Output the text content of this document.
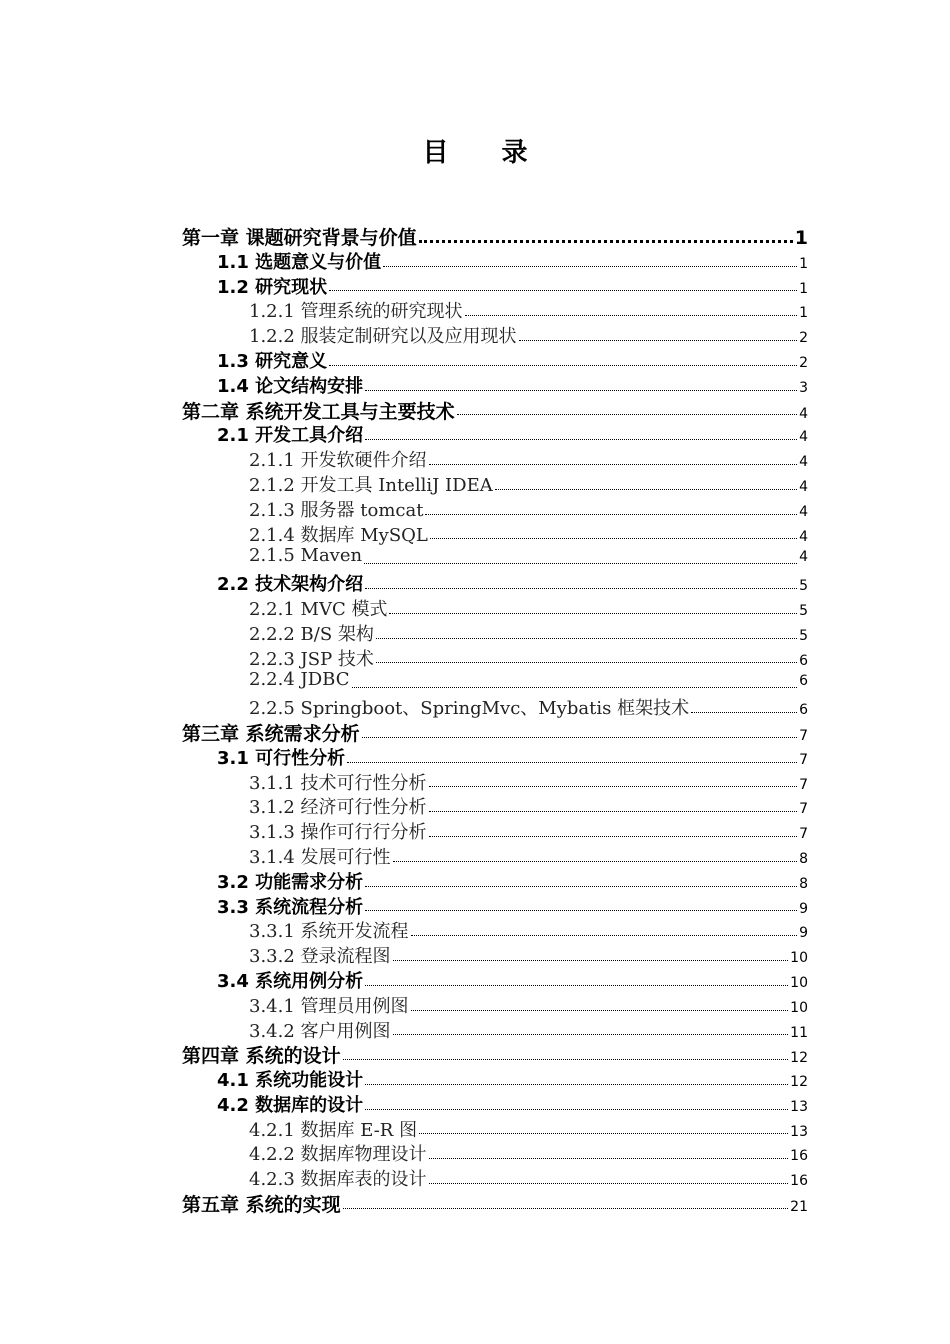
目 录
第一章 课题研究背景与价值	1
1.1 选题意义与价值	1
1.2 研究现状	1
1.2.1 管理系统的研究现状	1
1.2.2 服装定制研究以及应用现状	2
1.3 研究意义	2
1.4 论文结构安排	3
第二章 系统开发工具与主要技术	4
2.1 开发工具介绍	4
2.1.1 开发软硬件介绍	4
2.1.2 开发工具 IntelliJ IDEA	4
2.1.3 服务器 tomcat	4
2.1.4 数据库 MySQL	4
2.1.5 Maven	4
2.2 技术架构介绍	5
2.2.1 MVC 模式	5
2.2.2 B/S 架构	5
2.2.3 JSP 技术	6
2.2.4 JDBC	6
2.2.5 Springboot、SpringMvc、Mybatis 框架技术	6
第三章 系统需求分析	7
3.1 可行性分析	7
3.1.1 技术可行性分析	7
3.1.2 经济可行性分析	7
3.1.3 操作可行行分析	7
3.1.4 发展可行性	8
3.2 功能需求分析	8
3.3 系统流程分析	9
3.3.1 系统开发流程	9
3.3.2 登录流程图	10
3.4 系统用例分析	10
3.4.1 管理员用例图	10
3.4.2 客户用例图	11
第四章 系统的设计	12
4.1 系统功能设计	12
4.2 数据库的设计	13
4.2.1 数据库 E-R 图	13
4.2.2 数据库物理设计	16
4.2.3 数据库表的设计	16
第五章 系统的实现	21
